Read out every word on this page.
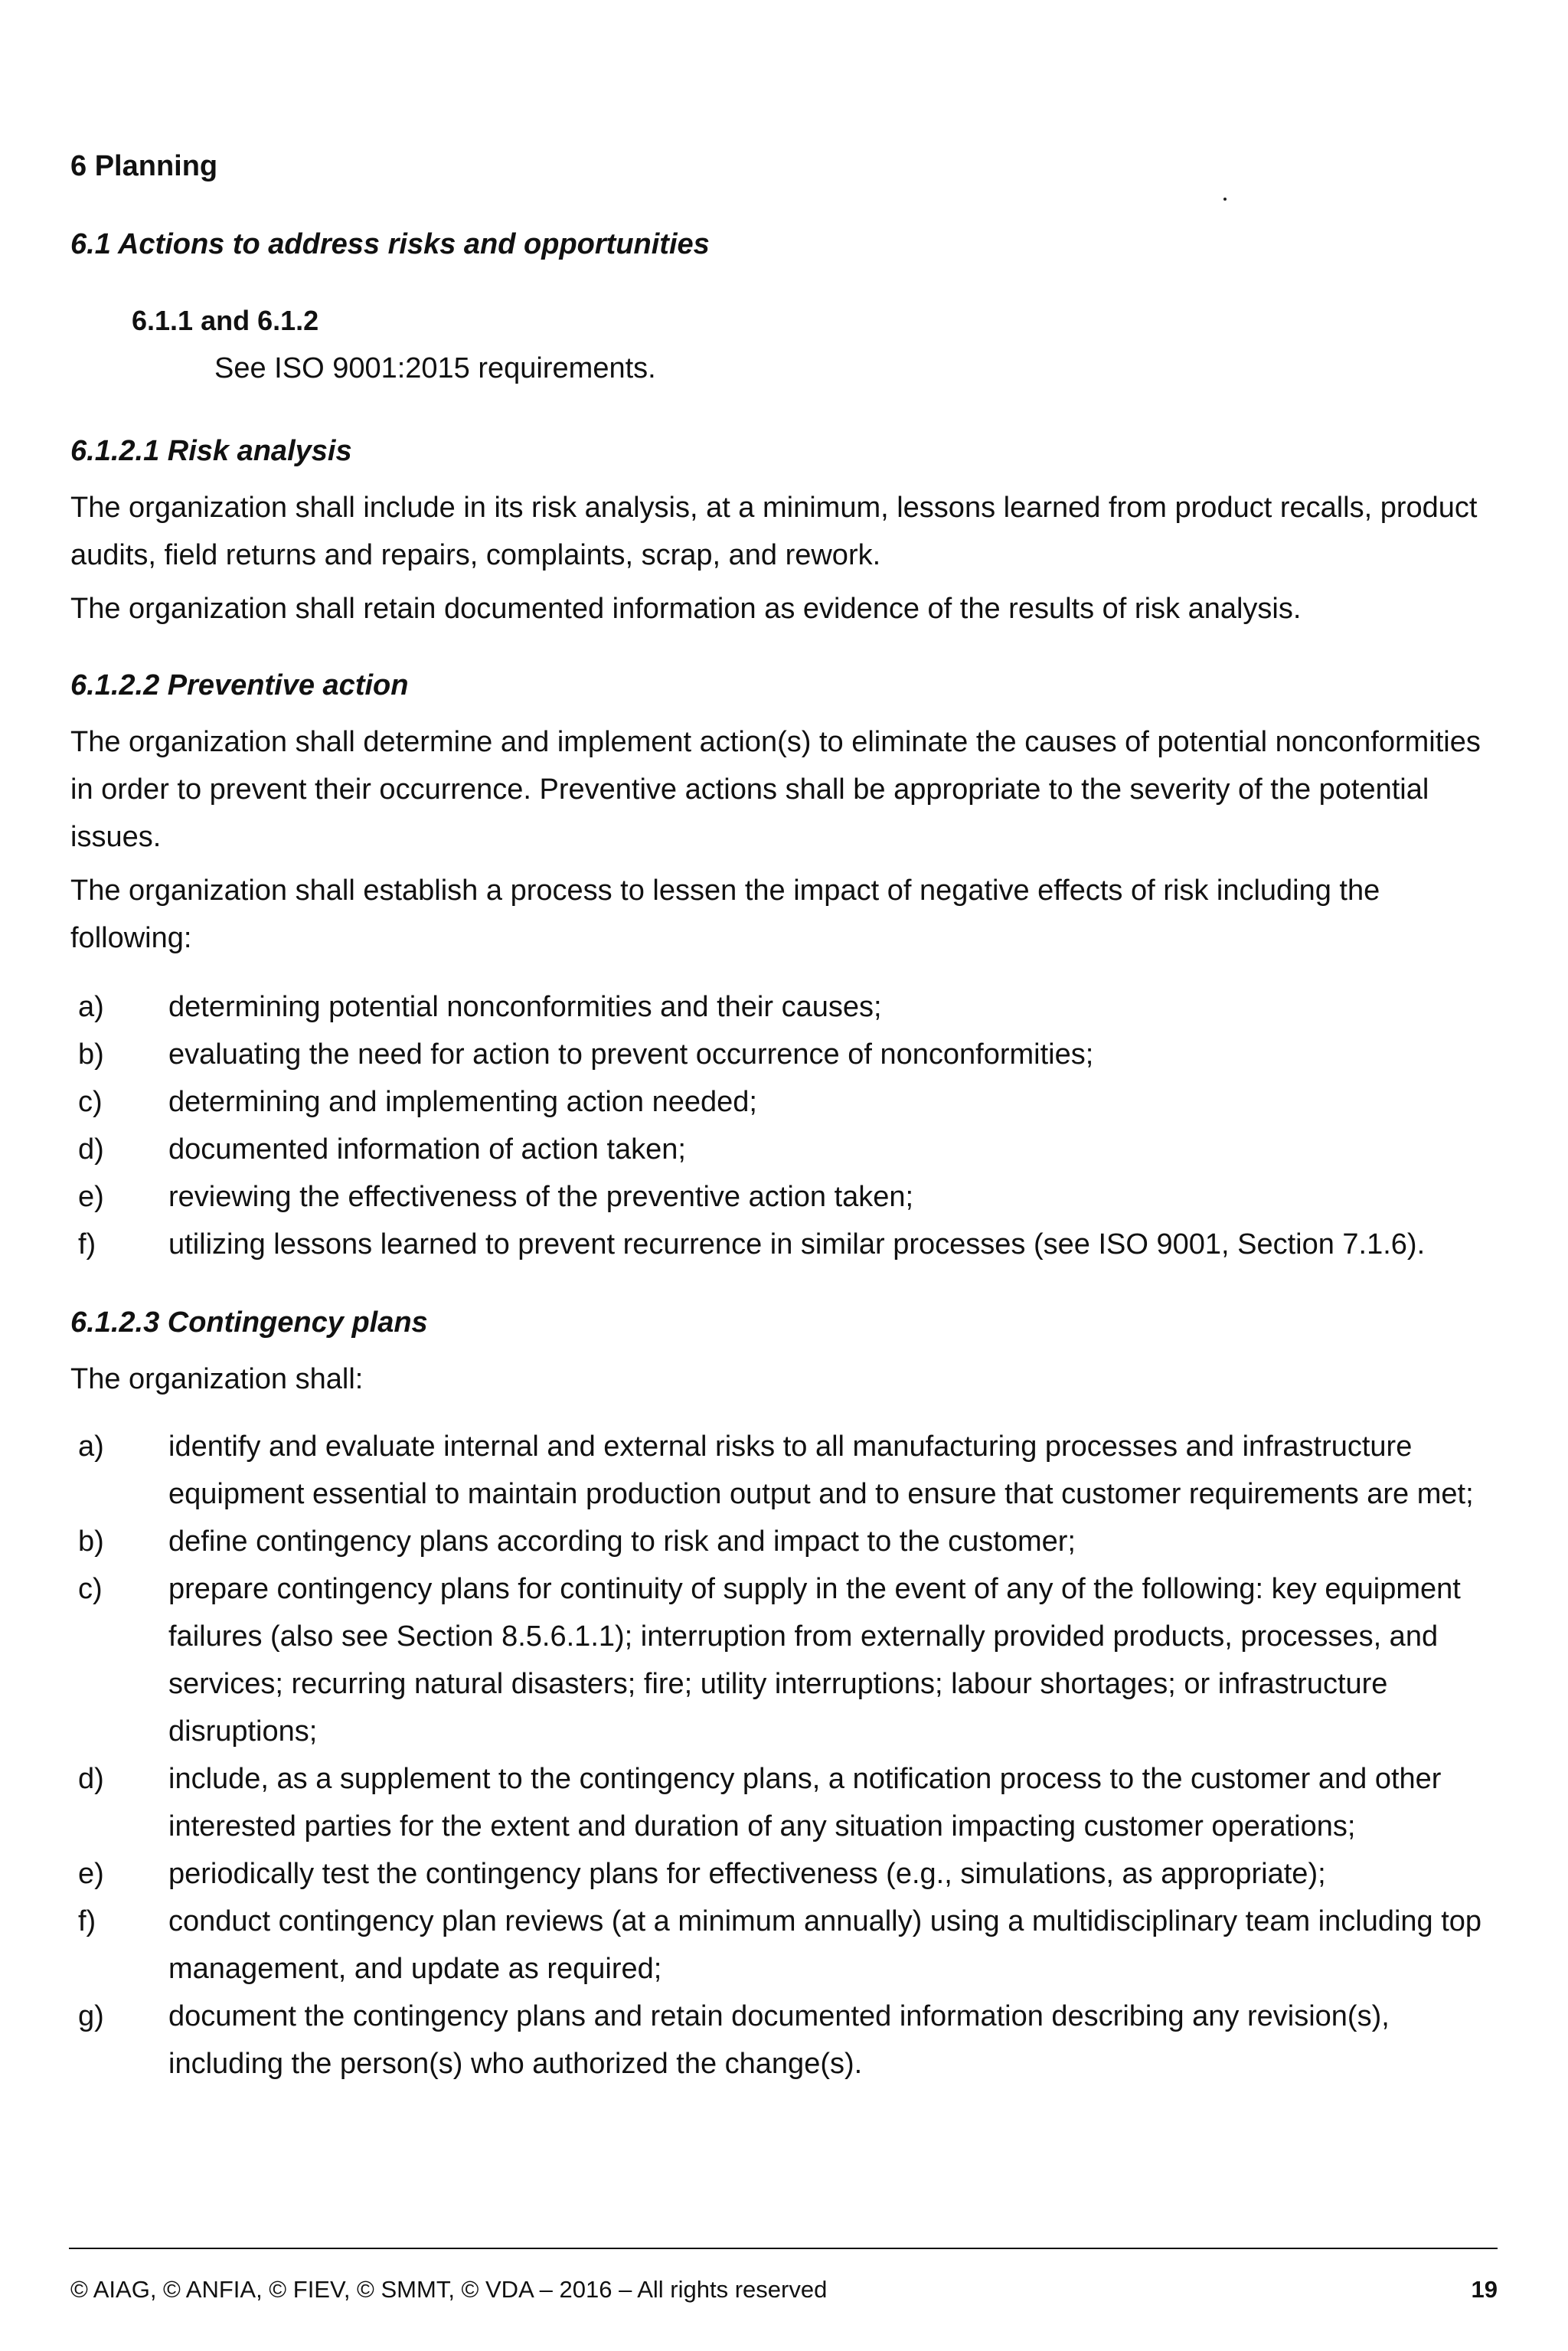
6 Planning

6.1 Actions to address risks and opportunities

6.1.1 and 6.1.2

See ISO 9001:2015 requirements.

6.1.2.1 Risk analysis

The organization shall include in its risk analysis, at a minimum, lessons learned from product recalls, product audits, field returns and repairs, complaints, scrap, and rework.

The organization shall retain documented information as evidence of the results of risk analysis.

6.1.2.2 Preventive action

The organization shall determine and implement action(s) to eliminate the causes of potential nonconformities in order to prevent their occurrence. Preventive actions shall be appropriate to the severity of the potential issues.

The organization shall establish a process to lessen the impact of negative effects of risk including the following:

a)	determining potential nonconformities and their causes;
b)	evaluating the need for action to prevent occurrence of nonconformities;
c)	determining and implementing action needed;
d)	documented information of action taken;
e)	reviewing the effectiveness of the preventive action taken;
f)	utilizing lessons learned to prevent recurrence in similar processes (see ISO 9001, Section 7.1.6).

6.1.2.3 Contingency plans

The organization shall:

a)	identify and evaluate internal and external risks to all manufacturing processes and infrastructure equipment essential to maintain production output and to ensure that customer requirements are met;
b)	define contingency plans according to risk and impact to the customer;
c)	prepare contingency plans for continuity of supply in the event of any of the following: key equipment failures (also see Section 8.5.6.1.1); interruption from externally provided products, processes, and services; recurring natural disasters; fire; utility interruptions; labour shortages; or infrastructure disruptions;
d)	include, as a supplement to the contingency plans, a notification process to the customer and other interested parties for the extent and duration of any situation impacting customer operations;
e)	periodically test the contingency plans for effectiveness (e.g., simulations, as appropriate);
f)	conduct contingency plan reviews (at a minimum annually) using a multidisciplinary team including top management, and update as required;
g)	document the contingency plans and retain documented information describing any revision(s), including the person(s) who authorized the change(s).

© AIAG, © ANFIA, © FIEV, © SMMT, © VDA – 2016 – All rights reserved	19
